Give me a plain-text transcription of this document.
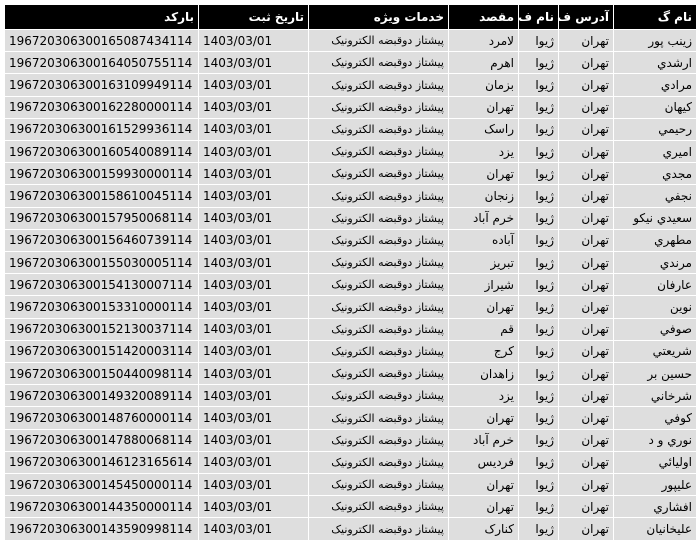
نام گ	آدرس ف	نام ف	مقصد	خدمات ویژه	تاریخ ثبت	بارکد
زینب پور	تهران	ژیوا	لامرد	پیشتاز دوقبضه الکترونیک	1403/03/01	196720306300165087434114
ارشدي	تهران	ژیوا	اهرم	پیشتاز دوقبضه الکترونیک	1403/03/01	196720306300164050755114
مرادي	تهران	ژیوا	بزمان	پیشتاز دوقبضه الکترونیک	1403/03/01	196720306300163109949114
کیهان	تهران	ژیوا	تهران	پیشتاز دوقبضه الکترونیک	1403/03/01	196720306300162280000114
رحیمي	تهران	ژیوا	راسک	پیشتاز دوقبضه الکترونیک	1403/03/01	196720306300161529936114
امیري	تهران	ژیوا	یزد	پیشتاز دوقبضه الکترونیک	1403/03/01	196720306300160540089114
مجدي	تهران	ژیوا	تهران	پیشتاز دوقبضه الکترونیک	1403/03/01	196720306300159930000114
نجفي	تهران	ژیوا	زنجان	پیشتاز دوقبضه الکترونیک	1403/03/01	196720306300158610045114
سعیدي نیکو	تهران	ژیوا	خرم آباد	پیشتاز دوقبضه الکترونیک	1403/03/01	196720306300157950068114
مطهري	تهران	ژیوا	آباده	پیشتاز دوقبضه الکترونیک	1403/03/01	196720306300156460739114
مرندي	تهران	ژیوا	تبریز	پیشتاز دوقبضه الکترونیک	1403/03/01	196720306300155030005114
عارفان	تهران	ژیوا	شیراز	پیشتاز دوقبضه الکترونیک	1403/03/01	196720306300154130007114
نوین	تهران	ژیوا	تهران	پیشتاز دوقبضه الکترونیک	1403/03/01	196720306300153310000114
صوفي	تهران	ژیوا	قم	پیشتاز دوقبضه الکترونیک	1403/03/01	196720306300152130037114
شریعتي	تهران	ژیوا	کرج	پیشتاز دوقبضه الکترونیک	1403/03/01	196720306300151420003114
حسین بر	تهران	ژیوا	زاهدان	پیشتاز دوقبضه الکترونیک	1403/03/01	196720306300150440098114
شرخاني	تهران	ژیوا	یزد	پیشتاز دوقبضه الکترونیک	1403/03/01	196720306300149320089114
کوفي	تهران	ژیوا	تهران	پیشتاز دوقبضه الکترونیک	1403/03/01	196720306300148760000114
نوري و د	تهران	ژیوا	خرم آباد	پیشتاز دوقبضه الکترونیک	1403/03/01	196720306300147880068114
اولیائي	تهران	ژیوا	فردیس	پیشتاز دوقبضه الکترونیک	1403/03/01	196720306300146123165614
علیپور	تهران	ژیوا	تهران	پیشتاز دوقبضه الکترونیک	1403/03/01	196720306300145450000114
افشاري	تهران	ژیوا	تهران	پیشتاز دوقبضه الکترونیک	1403/03/01	196720306300144350000114
علیخانیان	تهران	ژیوا	کنارک	پیشتاز دوقبضه الکترونیک	1403/03/01	196720306300143590998114
